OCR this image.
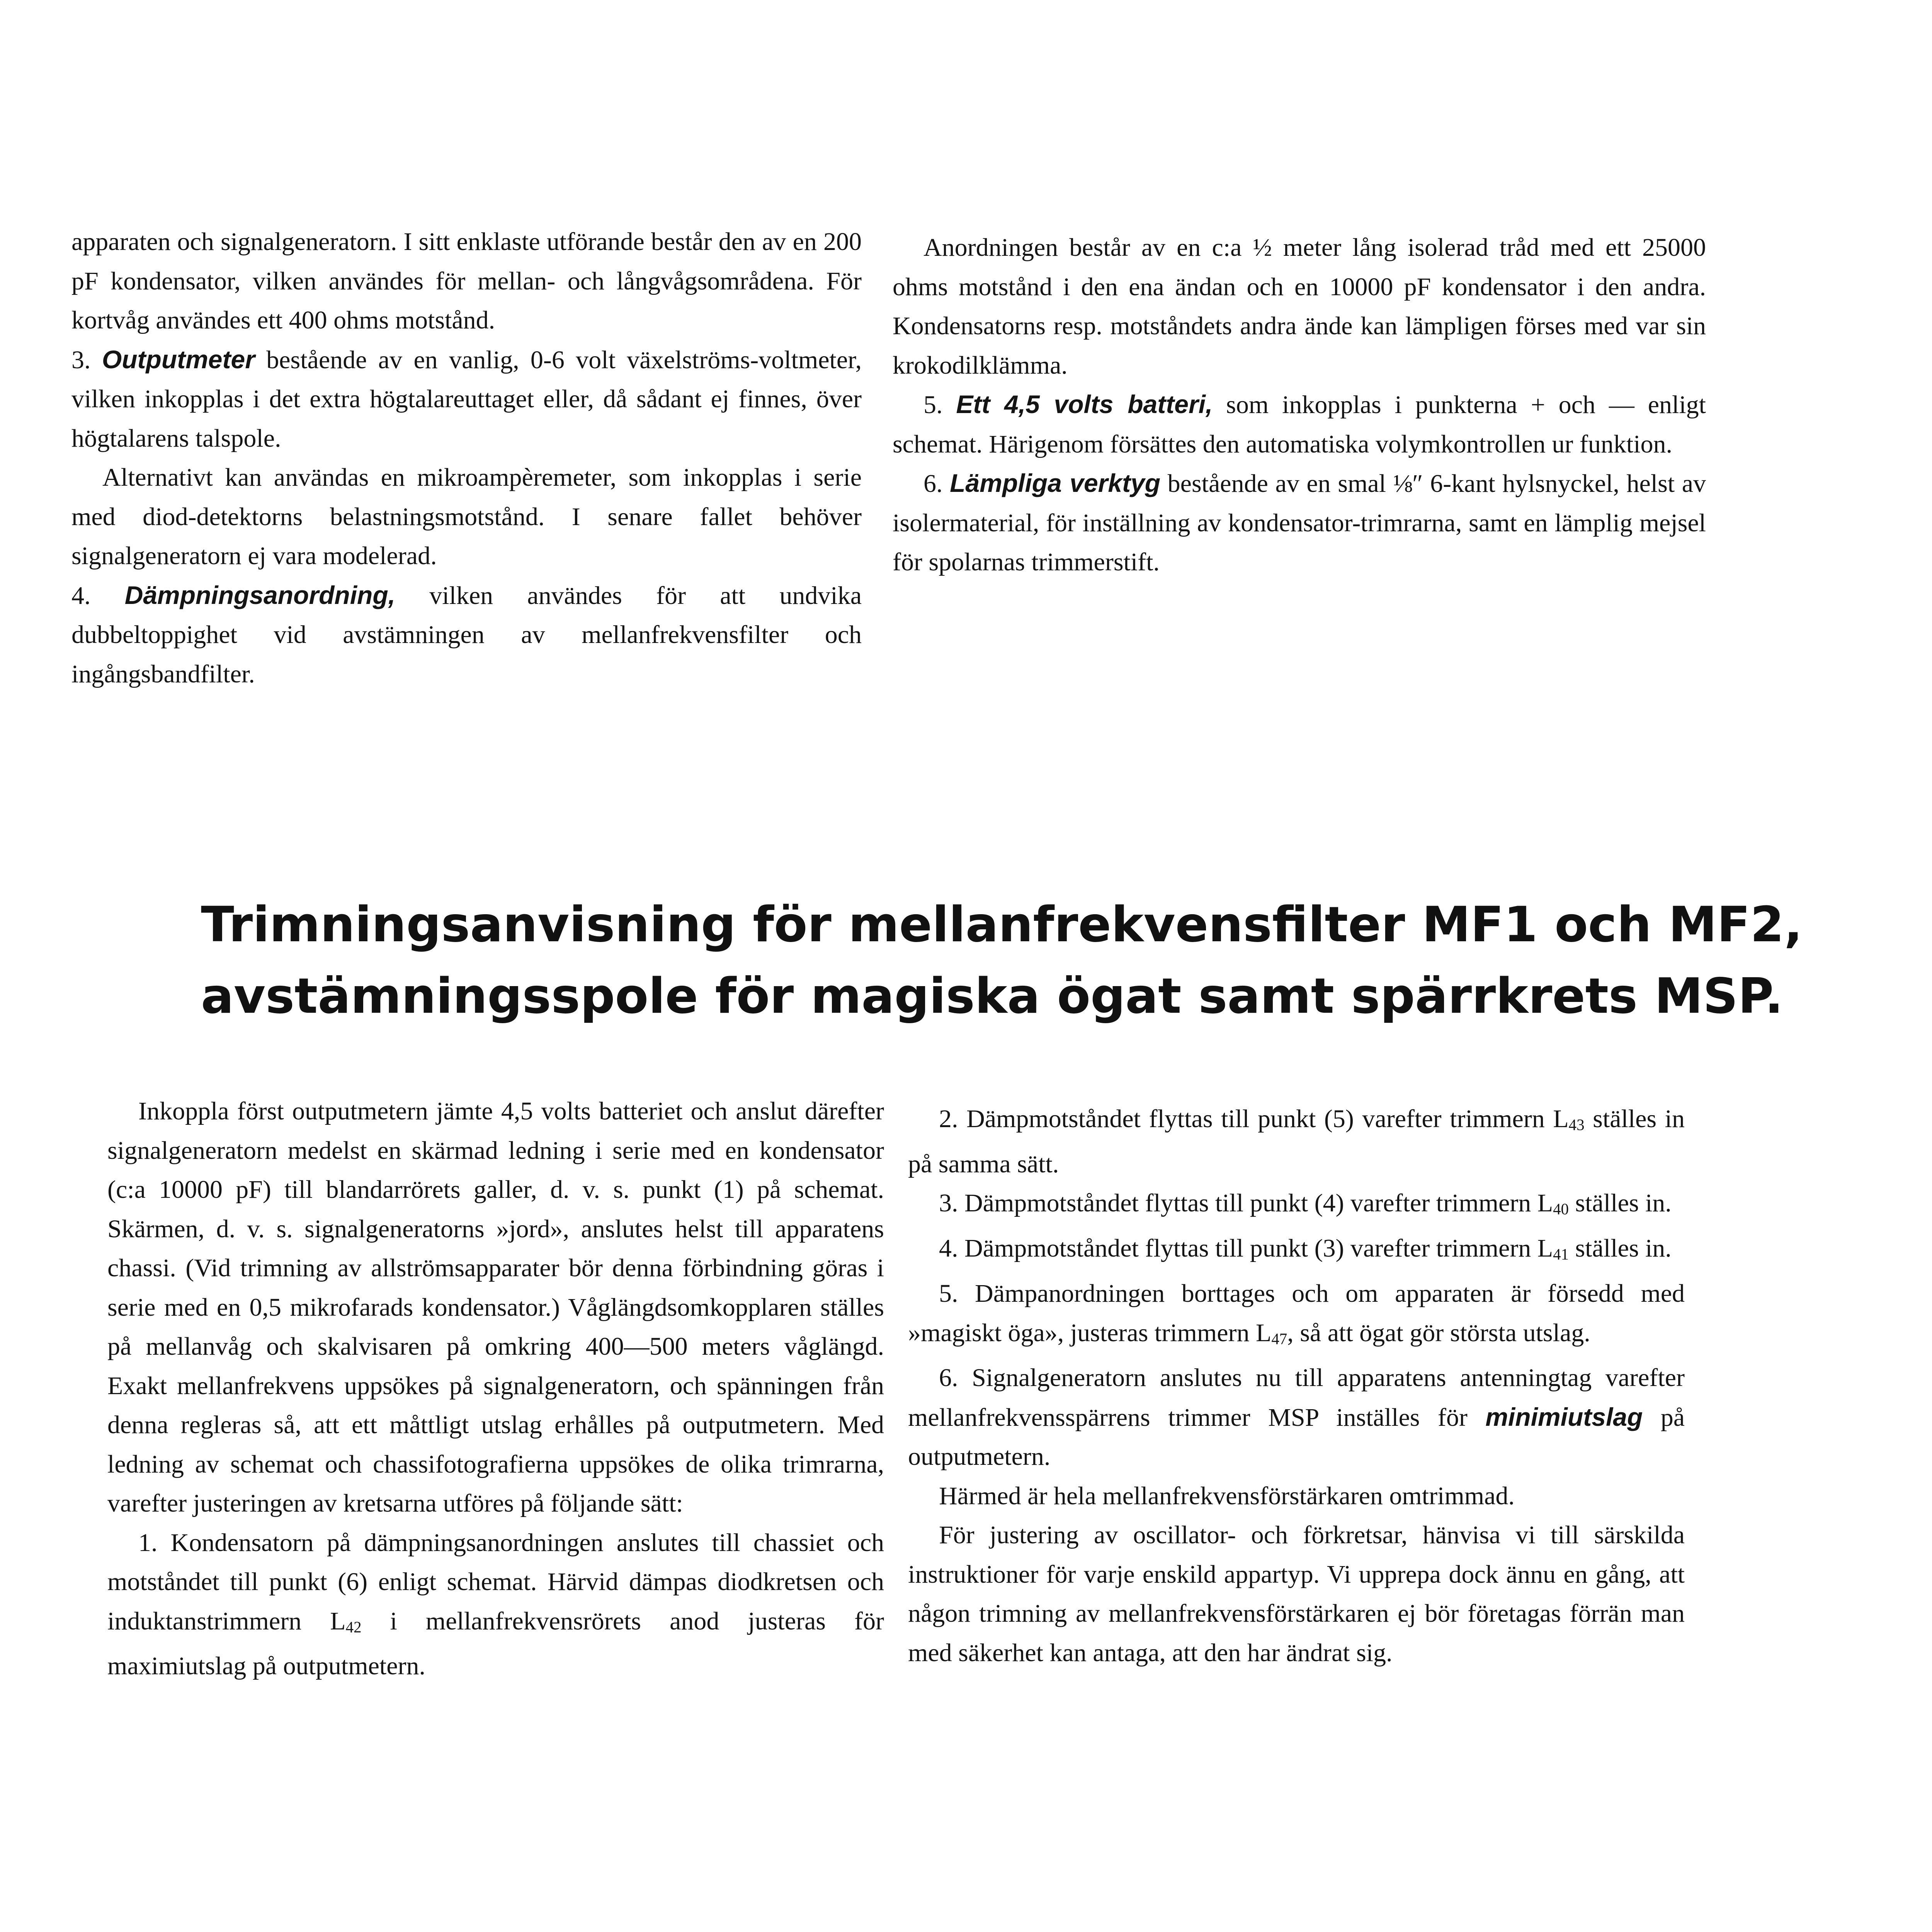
apparaten och signalgeneratorn. I sitt enklaste utförande består den av en 200 pF kondensator, vilken användes för mellan- och långvågsområdena. För kortvåg användes ett 400 ohms motstånd.

3. Outputmeter bestående av en vanlig, 0-6 volt växelströms-voltmeter, vilken inkopplas i det extra högtalareuttaget eller, då sådant ej finnes, över högtalarens talspole.

Alternativt kan användas en mikroampèremeter, som inkopplas i serie med diod-detektorns belastningsmotstånd. I senare fallet behöver signalgeneratorn ej vara modelerad.

4. Dämpningsanordning, vilken användes för att undvika dubbeltoppighet vid avstämningen av mellanfrekvensfilter och ingångsbandfilter.

Anordningen består av en c:a ½ meter lång isolerad tråd med ett 25000 ohms motstånd i den ena ändan och en 10000 pF kondensator i den andra. Kondensatorns resp. motståndets andra ände kan lämpligen förses med var sin krokodilklämma.

5. Ett 4,5 volts batteri, som inkopplas i punkterna + och — enligt schemat. Härigenom försättes den automatiska volymkontrollen ur funktion.

6. Lämpliga verktyg bestående av en smal ⅛″ 6-kant hylsnyckel, helst av isolermaterial, för inställning av kondensator-trimrarna, samt en lämplig mejsel för spolarnas trimmerstift.

Trimningsanvisning för mellanfrekvensfilter MF1 och MF2,
avstämningsspole för magiska ögat samt spärrkrets MSP.

Inkoppla först outputmetern jämte 4,5 volts batteriet och anslut därefter signalgeneratorn medelst en skärmad ledning i serie med en kondensator (c:a 10000 pF) till blandarrörets galler, d. v. s. punkt (1) på schemat. Skärmen, d. v. s. signalgeneratorns »jord», anslutes helst till apparatens chassi. (Vid trimning av allströmsapparater bör denna förbindning göras i serie med en 0,5 mikrofarads kondensator.) Våglängdsomkopplaren ställes på mellanvåg och skalvisaren på omkring 400—500 meters våglängd. Exakt mellanfrekvens uppsökes på signalgeneratorn, och spänningen från denna regleras så, att ett måttligt utslag erhålles på outputmetern. Med ledning av schemat och chassifotografierna uppsökes de olika trimrarna, varefter justeringen av kretsarna utföres på följande sätt:

1. Kondensatorn på dämpningsanordningen anslutes till chassiet och motståndet till punkt (6) enligt schemat. Härvid dämpas diodkretsen och induktanstrimmern $L_{42}$ i mellanfrekvensrörets anod justeras för maximiutslag på outputmetern.

2. Dämpmotståndet flyttas till punkt (5) varefter trimmern $L_{43}$ ställes in på samma sätt.

3. Dämpmotståndet flyttas till punkt (4) varefter trimmern $L_{40}$ ställes in.

4. Dämpmotståndet flyttas till punkt (3) varefter trimmern $L_{41}$ ställes in.

5. Dämpanordningen borttages och om apparaten är försedd med »magiskt öga», justeras trimmern $L_{47}$, så att ögat gör största utslag.

6. Signalgeneratorn anslutes nu till apparatens antenningtag varefter mellanfrekvensspärrens trimmer MSP inställes för minimiutslag på outputmetern.

Härmed är hela mellanfrekvensförstärkaren omtrimmad.

För justering av oscillator- och förkretsar, hänvisa vi till särskilda instruktioner för varje enskild appartyp. Vi upprepa dock ännu en gång, att någon trimning av mellanfrekvensförstärkaren ej bör företagas förrän man med säkerhet kan antaga, att den har ändrat sig.
